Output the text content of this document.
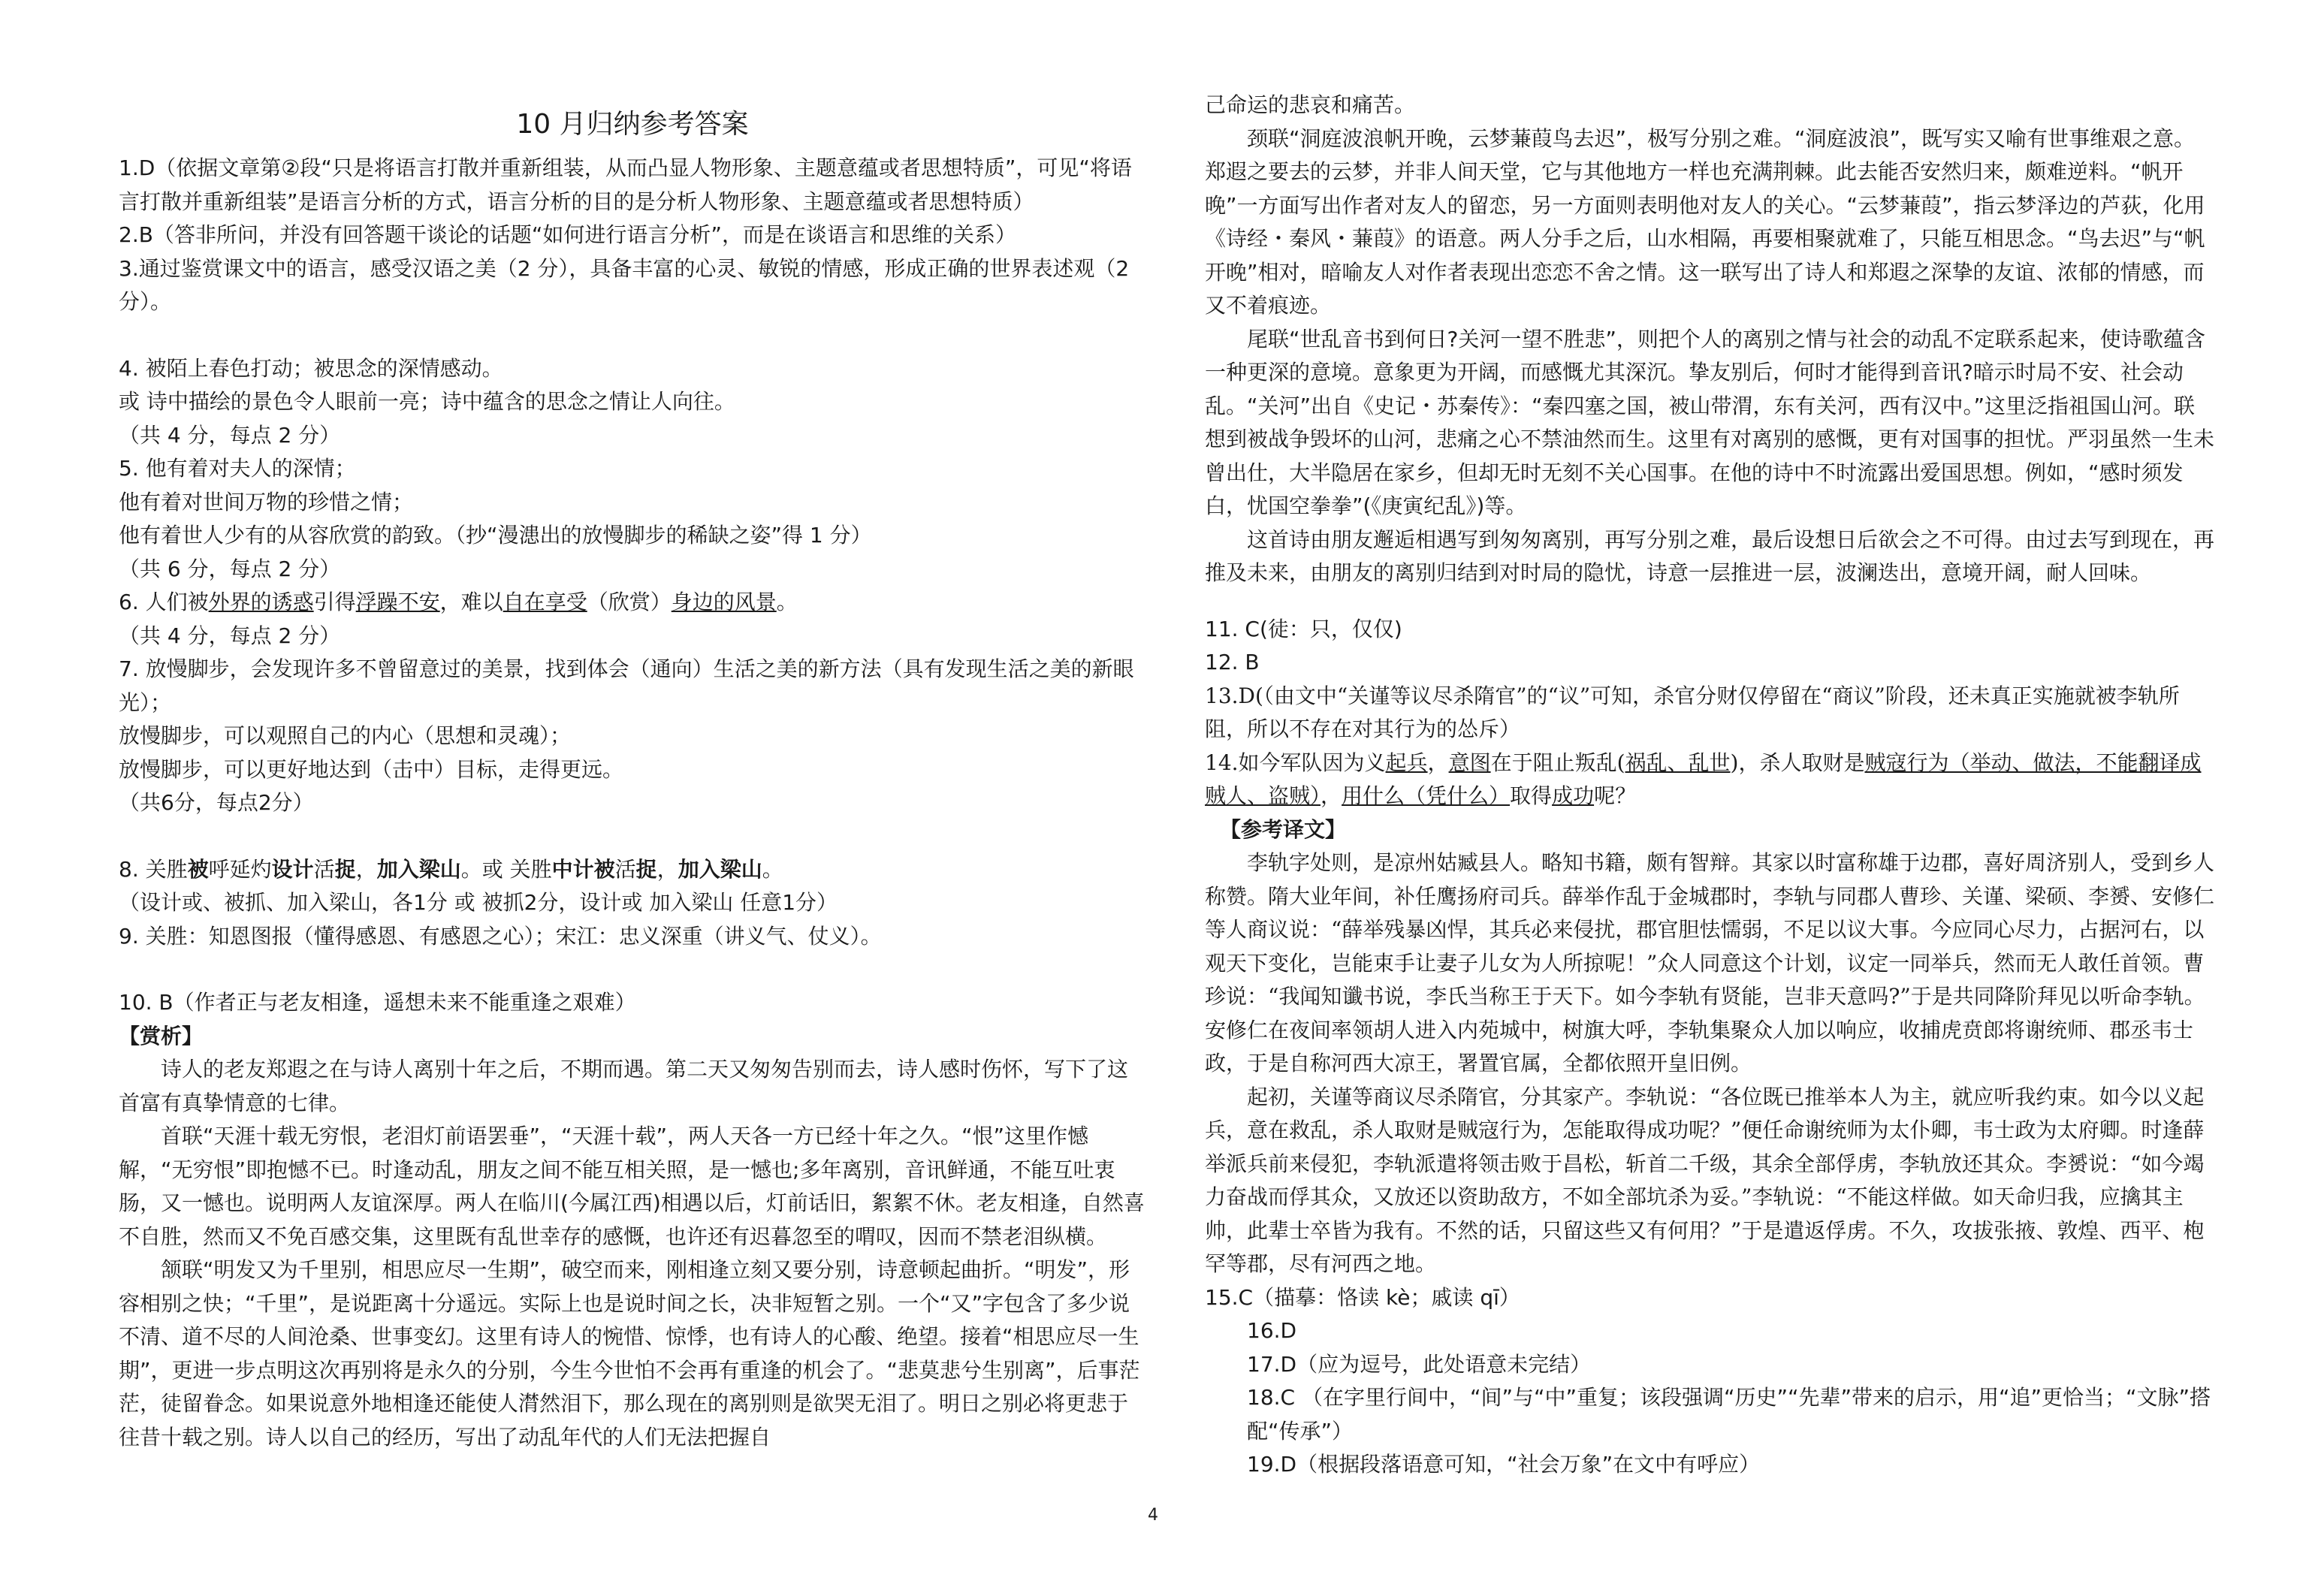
10 月归纳参考答案

1.D（依据文章第②段“只是将语言打散并重新组装，从而凸显人物形象、主题意蕴或者思想特质”，可见“将语言打散并重新组装”是语言分析的方式，语言分析的目的是分析人物形象、主题意蕴或者思想特质）

2.B（答非所问，并没有回答题干谈论的话题“如何进行语言分析”，而是在谈语言和思维的关系）

3.通过鉴赏课文中的语言，感受汉语之美（2 分），具备丰富的心灵、敏锐的情感，形成正确的世界表述观（2 分）。

4. 被陌上春色打动；被思念的深情感动。

或 诗中描绘的景色令人眼前一亮；诗中蕴含的思念之情让人向往。

（共 4 分，每点 2 分）

5. 他有着对夫人的深情；

他有着对世间万物的珍惜之情；

他有着世人少有的从容欣赏的韵致。（抄“漫漶出的放慢脚步的稀缺之姿”得 1 分）

（共 6 分，每点 2 分）

6. 人们被外界的诱惑引得浮躁不安，难以自在享受（欣赏）身边的风景。

（共 4 分，每点 2 分）

7. 放慢脚步，会发现许多不曾留意过的美景，找到体会（通向）生活之美的新方法（具有发现生活之美的新眼光）；

放慢脚步，可以观照自己的内心（思想和灵魂）；

放慢脚步，可以更好地达到（击中）目标，走得更远。

（共6分，每点2分）

8. 关胜被呼延灼设计活捉，加入梁山。或 关胜中计被活捉，加入梁山。

（设计或、被抓、加入梁山，各1分 或 被抓2分，设计或 加入梁山 任意1分）

9. 关胜：知恩图报（懂得感恩、有感恩之心）；宋江：忠义深重（讲义气、仗义）。

10. B（作者正与老友相逢，遥想未来不能重逢之艰难）

【赏析】

诗人的老友郑遐之在与诗人离别十年之后，不期而遇。第二天又匆匆告别而去，诗人感时伤怀，写下了这首富有真挚情意的七律。

首联“天涯十载无穷恨，老泪灯前语罢垂”，“天涯十载”，两人天各一方已经十年之久。“恨”这里作憾解，“无穷恨”即抱憾不已。时逢动乱，朋友之间不能互相关照，是一憾也;多年离别，音讯鲜通，不能互吐衷肠，又一憾也。说明两人友谊深厚。两人在临川(今属江西)相遇以后，灯前话旧，絮絮不休。老友相逢，自然喜不自胜，然而又不免百感交集，这里既有乱世幸存的感慨，也许还有迟暮忽至的喟叹，因而不禁老泪纵横。

颔联“明发又为千里别，相思应尽一生期”，破空而来，刚相逢立刻又要分别，诗意顿起曲折。“明发”，形容相别之快；“千里”，是说距离十分遥远。实际上也是说时间之长，决非短暂之别。一个“又”字包含了多少说不清、道不尽的人间沧桑、世事变幻。这里有诗人的惋惜、惊悸，也有诗人的心酸、绝望。接着“相思应尽一生期”，更进一步点明这次再别将是永久的分别，今生今世怕不会再有重逢的机会了。“悲莫悲兮生别离”，后事茫茫，徒留眷念。如果说意外地相逢还能使人潸然泪下，那么现在的离别则是欲哭无泪了。明日之别必将更悲于往昔十载之别。诗人以自己的经历，写出了动乱年代的人们无法把握自

己命运的悲哀和痛苦。

颈联“洞庭波浪帆开晚，云梦蒹葭鸟去迟”，极写分别之难。“洞庭波浪”，既写实又喻有世事维艰之意。郑遐之要去的云梦，并非人间天堂，它与其他地方一样也充满荆棘。此去能否安然归来，颇难逆料。“帆开晚”一方面写出作者对友人的留恋，另一方面则表明他对友人的关心。“云梦蒹葭”，指云梦泽边的芦荻，化用《诗经・秦风・蒹葭》的语意。两人分手之后，山水相隔，再要相聚就难了，只能互相思念。“鸟去迟”与“帆开晚”相对，暗喻友人对作者表现出恋恋不舍之情。这一联写出了诗人和郑遐之深挚的友谊、浓郁的情感，而又不着痕迹。

尾联“世乱音书到何日?关河一望不胜悲”，则把个人的离别之情与社会的动乱不定联系起来，使诗歌蕴含一种更深的意境。意象更为开阔，而感慨尤其深沉。挚友别后，何时才能得到音讯?暗示时局不安、社会动乱。“关河”出自《史记・苏秦传》：“秦四塞之国，被山带渭，东有关河，西有汉中。”这里泛指祖国山河。联想到被战争毁坏的山河，悲痛之心不禁油然而生。这里有对离别的感慨，更有对国事的担忧。严羽虽然一生未曾出仕，大半隐居在家乡，但却无时无刻不关心国事。在他的诗中不时流露出爱国思想。例如，“感时须发白，忧国空拳拳”(《庚寅纪乱》)等。

这首诗由朋友邂逅相遇写到匆匆离别，再写分别之难，最后设想日后欲会之不可得。由过去写到现在，再推及未来，由朋友的离别归结到对时局的隐忧，诗意一层推进一层，波澜迭出，意境开阔，耐人回味。

11. C(徒：只，仅仅)

12. B

13.D(（由文中“关谨等议尽杀隋官”的“议”可知，杀官分财仅停留在“商议”阶段，还未真正实施就被李轨所阻，所以不存在对其行为的怂斥）

14.如今军队因为义起兵，意图在于阻止叛乱(祸乱、乱世)，杀人取财是贼寇行为（举动、做法，不能翻译成贼人、盗贼），用什么（凭什么）取得成功呢？

【参考译文】

李轨字处则，是凉州姑臧县人。略知书籍，颇有智辩。其家以时富称雄于边郡，喜好周济别人，受到乡人称赞。隋大业年间，补任鹰扬府司兵。薛举作乱于金城郡时，李轨与同郡人曹珍、关谨、梁硕、李赟、安修仁等人商议说：“薛举残暴凶悍，其兵必来侵扰，郡官胆怯懦弱，不足以议大事。今应同心尽力，占据河右，以观天下变化，岂能束手让妻子儿女为人所掠呢！”众人同意这个计划，议定一同举兵，然而无人敢任首领。曹珍说：“我闻知谶书说，李氏当称王于天下。如今李轨有贤能，岂非天意吗?”于是共同降阶拜见以听命李轨。安修仁在夜间率领胡人进入内苑城中，树旗大呼，李轨集聚众人加以响应，收捕虎贲郎将谢统师、郡丞韦士政，于是自称河西大凉王，署置官属，全都依照开皇旧例。

起初，关谨等商议尽杀隋官，分其家产。李轨说：“各位既已推举本人为主，就应听我约束。如今以义起兵，意在救乱，杀人取财是贼寇行为，怎能取得成功呢？”便任命谢统师为太仆卿，韦士政为太府卿。时逢薛举派兵前来侵犯，李轨派遣将领击败于昌松，斩首二千级，其余全部俘虏，李轨放还其众。李赟说：“如今竭力奋战而俘其众，又放还以资助敌方，不如全部坑杀为妥。”李轨说：“不能这样做。如天命归我，应擒其主帅，此辈士卒皆为我有。不然的话，只留这些又有何用？”于是遣返俘虏。不久，攻拔张掖、敦煌、西平、枹罕等郡，尽有河西之地。

15.C（描摹：恪读 kè；戚读 qī）

16.D

17.D（应为逗号，此处语意未完结）

18.C （在字里行间中，“间”与“中”重复；该段强调“历史”“先辈”带来的启示，用“追”更恰当；“文脉”搭配“传承”）

19.D（根据段落语意可知，“社会万象”在文中有呼应）

4
